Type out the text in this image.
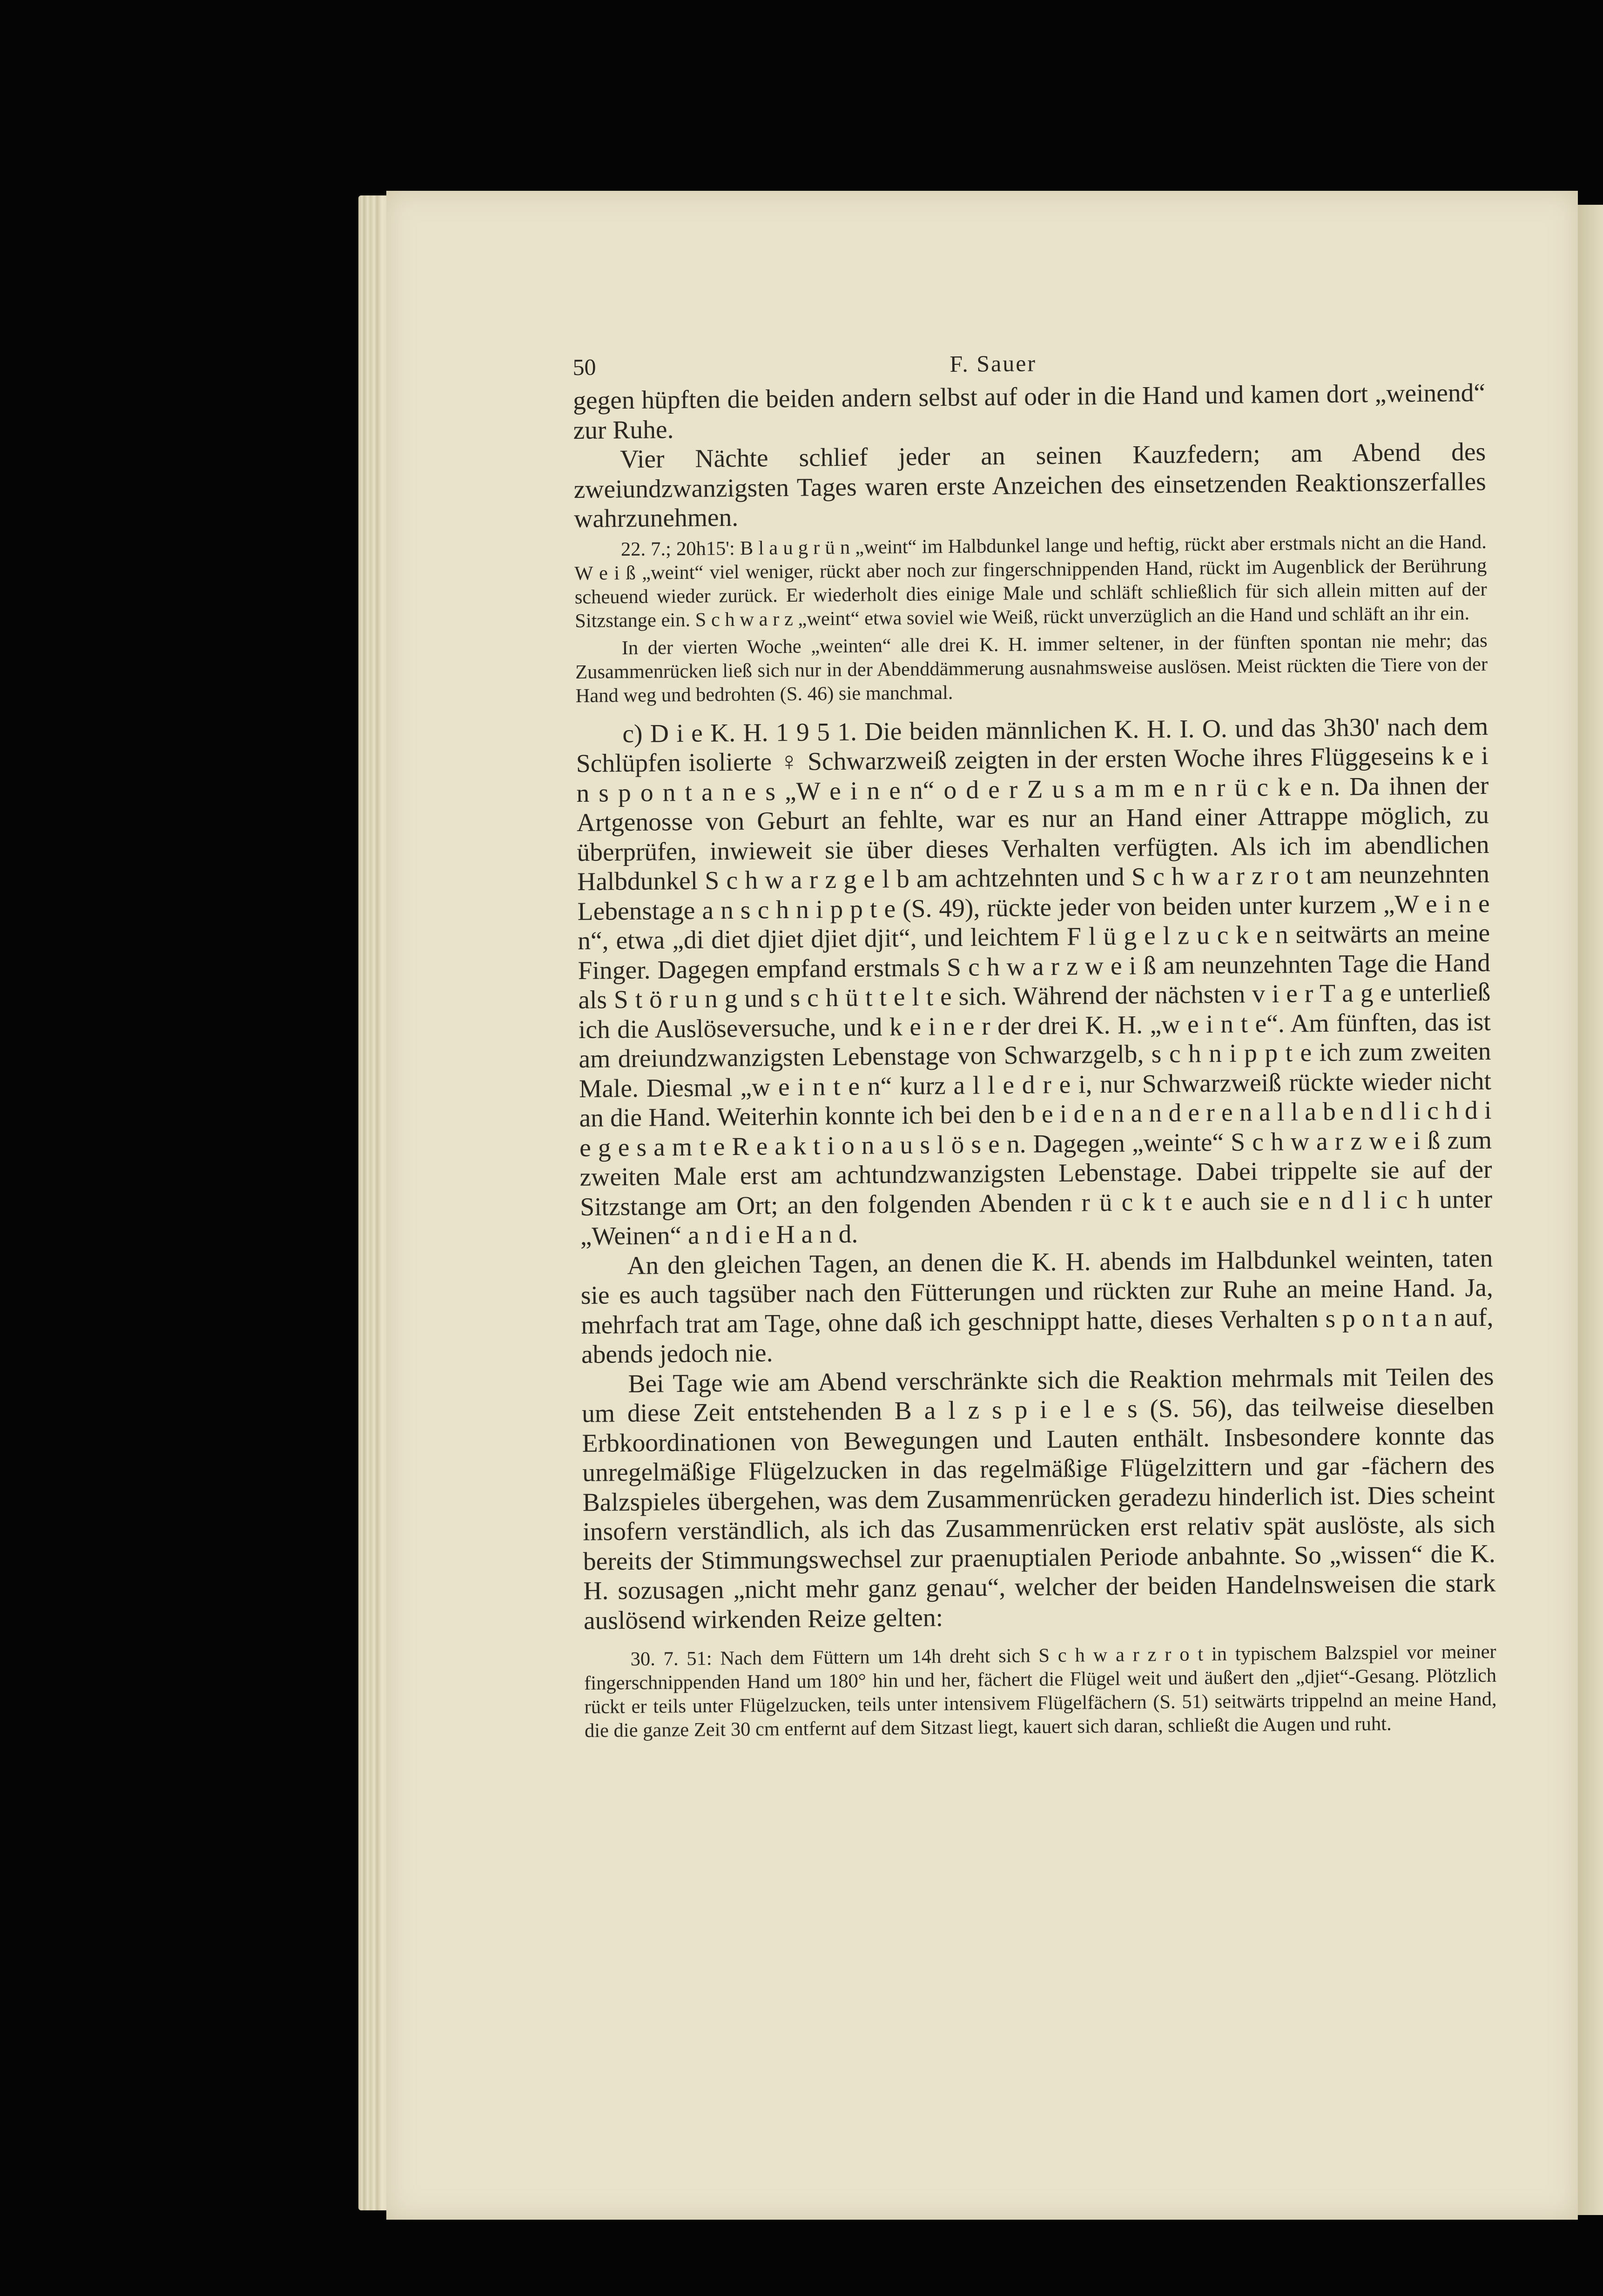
50	F. Sauer

gegen hüpften die beiden andern selbst auf oder in die Hand und kamen dort „weinend“ zur Ruhe.

Vier Nächte schlief jeder an seinen Kauzfedern; am Abend des zweiundzwanzigsten Tages waren erste Anzeichen des einsetzenden Reaktionszerfalles wahrzunehmen.

22. 7.; 20h15': B l a u g r ü n „weint“ im Halbdunkel lange und heftig, rückt aber erstmals nicht an die Hand. W e i ß „weint“ viel weniger, rückt aber noch zur fingerschnippenden Hand, rückt im Augenblick der Berührung scheuend wieder zurück. Er wiederholt dies einige Male und schläft schließlich für sich allein mitten auf der Sitzstange ein. S c h w a r z „weint“ etwa soviel wie Weiß, rückt unverzüglich an die Hand und schläft an ihr ein.

In der vierten Woche „weinten“ alle drei K. H. immer seltener, in der fünften spontan nie mehr; das Zusammenrücken ließ sich nur in der Abenddämmerung ausnahmsweise auslösen. Meist rückten die Tiere von der Hand weg und bedrohten (S. 46) sie manchmal.

c) D i e K. H. 1 9 5 1. Die beiden männlichen K. H. I. O. und das 3h30' nach dem Schlüpfen isolierte ♀ Schwarzweiß zeigten in der ersten Woche ihres Flüggeseins k e i n s p o n t a n e s „W e i n e n“ o d e r Z u s a m m e n r ü c k e n. Da ihnen der Artgenosse von Geburt an fehlte, war es nur an Hand einer Attrappe möglich, zu überprüfen, inwieweit sie über dieses Verhalten verfügten. Als ich im abendlichen Halbdunkel S c h w a r z g e l b am achtzehnten und S c h w a r z r o t am neunzehnten Lebenstage a n s c h n i p p t e (S. 49), rückte jeder von beiden unter kurzem „W e i n e n“, etwa „di diet djiet djiet djit“, und leichtem F l ü g e l z u c k e n seitwärts an meine Finger. Dagegen empfand erstmals S c h w a r z w e i ß am neunzehnten Tage die Hand als S t ö r u n g und s c h ü t t e l t e sich. Während der nächsten v i e r T a g e unterließ ich die Auslöseversuche, und k e i n e r der drei K. H. „w e i n t e“. Am fünften, das ist am dreiundzwanzigsten Lebenstage von Schwarzgelb, s c h n i p p t e ich zum zweiten Male. Diesmal „w e i n t e n“ kurz a l l e d r e i, nur Schwarzweiß rückte wieder nicht an die Hand. Weiterhin konnte ich bei den b e i d e n a n d e r e n a l l a b e n d l i c h d i e g e s a m t e R e a k t i o n a u s l ö s e n. Dagegen „weinte“ S c h w a r z w e i ß zum zweiten Male erst am achtundzwanzigsten Lebenstage. Dabei trippelte sie auf der Sitzstange am Ort; an den folgenden Abenden r ü c k t e auch sie e n d l i c h unter „Weinen“ a n d i e H a n d.

An den gleichen Tagen, an denen die K. H. abends im Halbdunkel weinten, taten sie es auch tagsüber nach den Fütterungen und rückten zur Ruhe an meine Hand. Ja, mehrfach trat am Tage, ohne daß ich geschnippt hatte, dieses Verhalten s p o n t a n auf, abends jedoch nie.

Bei Tage wie am Abend verschränkte sich die Reaktion mehrmals mit Teilen des um diese Zeit entstehenden B a l z s p i e l e s (S. 56), das teilweise dieselben Erbkoordinationen von Bewegungen und Lauten enthält. Insbesondere konnte das unregelmäßige Flügelzucken in das regelmäßige Flügelzittern und gar -fächern des Balzspieles übergehen, was dem Zusammenrücken geradezu hinderlich ist. Dies scheint insofern verständlich, als ich das Zusammenrücken erst relativ spät auslöste, als sich bereits der Stimmungswechsel zur praenuptialen Periode anbahnte. So „wissen“ die K. H. sozusagen „nicht mehr ganz genau“, welcher der beiden Handelnsweisen die stark auslösend wirkenden Reize gelten:

30. 7. 51: Nach dem Füttern um 14h dreht sich S c h w a r z r o t in typischem Balzspiel vor meiner fingerschnippenden Hand um 180° hin und her, fächert die Flügel weit und äußert den „djiet“-Gesang. Plötzlich rückt er teils unter Flügelzucken, teils unter intensivem Flügelfächern (S. 51) seitwärts trippelnd an meine Hand, die die ganze Zeit 30 cm entfernt auf dem Sitzast liegt, kauert sich daran, schließt die Augen und ruht.
